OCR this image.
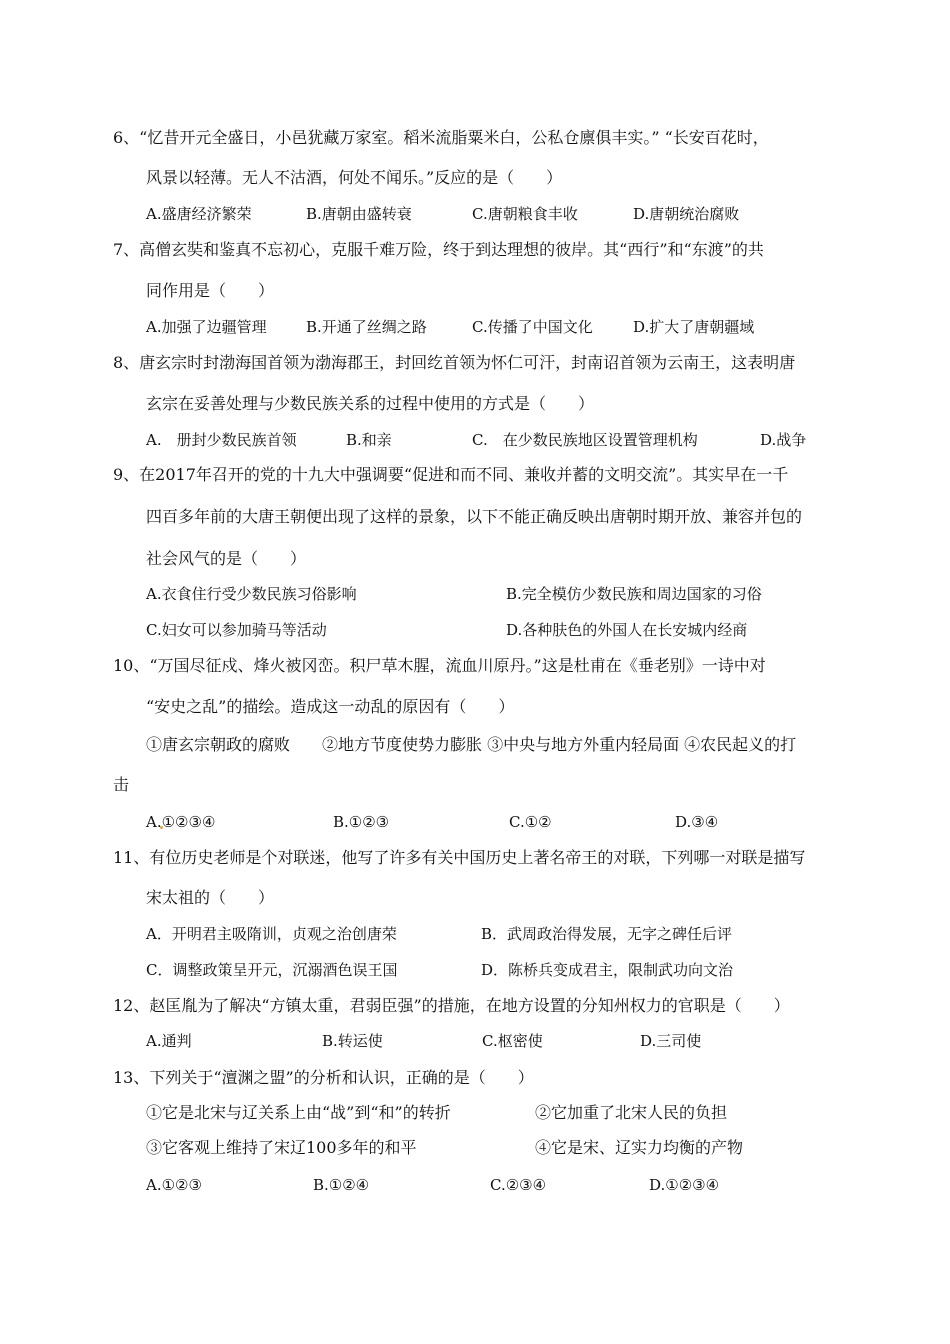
6、“忆昔开元全盛日，小邑犹藏万家室。稻米流脂粟米白，公私仓廪俱丰实。” “长安百花时，
风景以轻薄。无人不沽酒，何处不闻乐。”反应的是（　　）
A.盛唐经济繁荣	B.唐朝由盛转衰	C.唐朝粮食丰收	D.唐朝统治腐败
7、高僧玄奘和鉴真不忘初心，克服千难万险，终于到达理想的彼岸。其“西行”和“东渡”的共
同作用是（　　）
A.加强了边疆管理	B.开通了丝绸之路	C.传播了中国文化	D.扩大了唐朝疆域
8、唐玄宗时封渤海国首领为渤海郡王，封回纥首领为怀仁可汗，封南诏首领为云南王，这表明唐
玄宗在妥善处理与少数民族关系的过程中使用的方式是（　　）
A.　册封少数民族首领	B.和亲	C.　在少数民族地区设置管理机构	D.战争
9、在2017年召开的党的十九大中强调要“促进和而不同、兼收并蓄的文明交流”。其实早在一千
四百多年前的大唐王朝便出现了这样的景象，以下不能正确反映出唐朝时期开放、兼容并包的
社会风气的是（　　）
A.衣食住行受少数民族习俗影响	B.完全模仿少数民族和周边国家的习俗
C.妇女可以参加骑马等活动	D.各种肤色的外国人在长安城内经商
10、“万国尽征戍、烽火被冈峦。积尸草木腥，流血川原丹。”这是杜甫在《垂老别》一诗中对
“安史之乱”的描绘。造成这一动乱的原因有（　　）
①唐玄宗朝政的腐败　　②地方节度使势力膨胀 ③中央与地方外重内轻局面 ④农民起义的打
击
A.①②③④	B.①②③	C.①②	D.③④
11、有位历史老师是个对联迷，他写了许多有关中国历史上著名帝王的对联，下列哪一对联是描写
宋太祖的（　　）
A．开明君主吸隋训，贞观之治创唐荣	B．武周政治得发展，无字之碑任后评
C．调整政策呈开元，沉溺酒色误王国	D．陈桥兵变成君主，限制武功向文治
12、赵匡胤为了解决“方镇太重，君弱臣强”的措施，在地方设置的分知州权力的官职是（　　）
A.通判	B.转运使	C.枢密使	D.三司使
13、下列关于“澶渊之盟”的分析和认识，正确的是（　　）
①它是北宋与辽关系上由“战”到“和”的转折	②它加重了北宋人民的负担
③它客观上维持了宋辽100多年的和平	④它是宋、辽实力均衡的产物
A.①②③	B.①②④	C.②③④	D.①②③④
